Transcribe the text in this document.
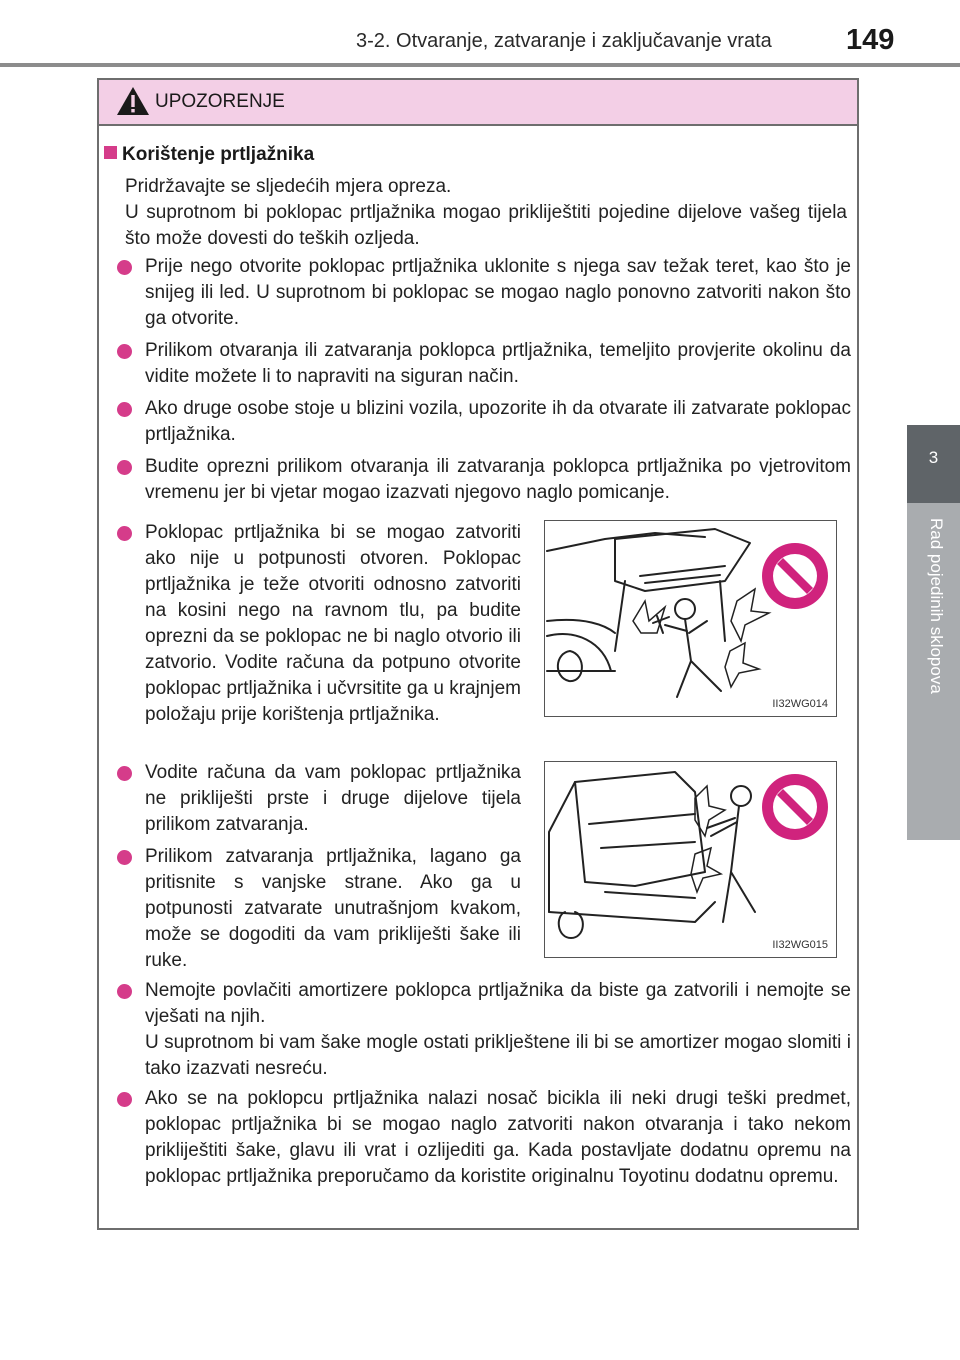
3-2. Otvaranje, zatvaranje i zaključavanje vrata	149
3
Rad pojedinih sklopova
UPOZORENJE
Korištenje prtljažnika

Pridržavajte se sljedećih mjera opreza.

U suprotnom bi poklopac prtljažnika mogao prikliještiti pojedine dijelove vašeg tijela što može dovesti do teških ozljeda.

Prije nego otvorite poklopac prtljažnika uklonite s njega sav težak teret, kao što je snijeg ili led. U suprotnom bi poklopac se mogao naglo ponovno zatvoriti nakon što ga otvorite.

Prilikom otvaranja ili zatvaranja poklopca prtljažnika, temeljito provjerite okolinu da vidite možete li to napraviti na siguran način.

Ako druge osobe stoje u blizini vozila, upozorite ih da otvarate ili zatvarate poklopac prtljažnika.

Budite oprezni prilikom otvaranja ili zatvaranja poklopca prtljažnika po vjetrovitom vremenu jer bi vjetar mogao izazvati njegovo naglo pomicanje.

Poklopac prtljažnika bi se mogao zatvoriti ako nije u potpunosti otvoren. Poklopac prtljažnika je teže otvoriti odnosno zatvoriti na kosini nego na ravnom tlu, pa budite oprezni da se poklopac ne bi naglo otvorio ili zatvorio. Vodite računa da potpuno otvorite poklopac prtljažnika i učvrsitite ga u krajnjem položaju prije korištenja prtljažnika.	II32WG014

Vodite računa da vam poklopac prtljažnika ne prikliješti prste i druge dijelove tijela prilikom zatvaranja.

Prilikom zatvaranja prtljažnika, lagano ga pritisnite s vanjske strane. Ako ga u potpunosti zatvarate unutrašnjom kvakom, može se dogoditi da vam prikliješti šake ili ruke.

II32WG015

Nemojte povlačiti amortizere poklopca prtljažnika da biste ga zatvorili i nemojte se vješati na njih.

U suprotnom bi vam šake mogle ostati priklještene ili bi se amortizer mogao slomiti i tako izazvati nesreću.

Ako se na poklopcu prtljažnika nalazi nosač bicikla ili neki drugi teški predmet, poklopac prtljažnika bi se mogao naglo zatvoriti nakon otvaranja i tako nekom prikliještiti šake, glavu ili vrat i ozlijediti ga. Kada postavljate dodatnu opremu na poklopac prtljažnika preporučamo da koristite originalnu Toyotinu dodatnu opremu.
